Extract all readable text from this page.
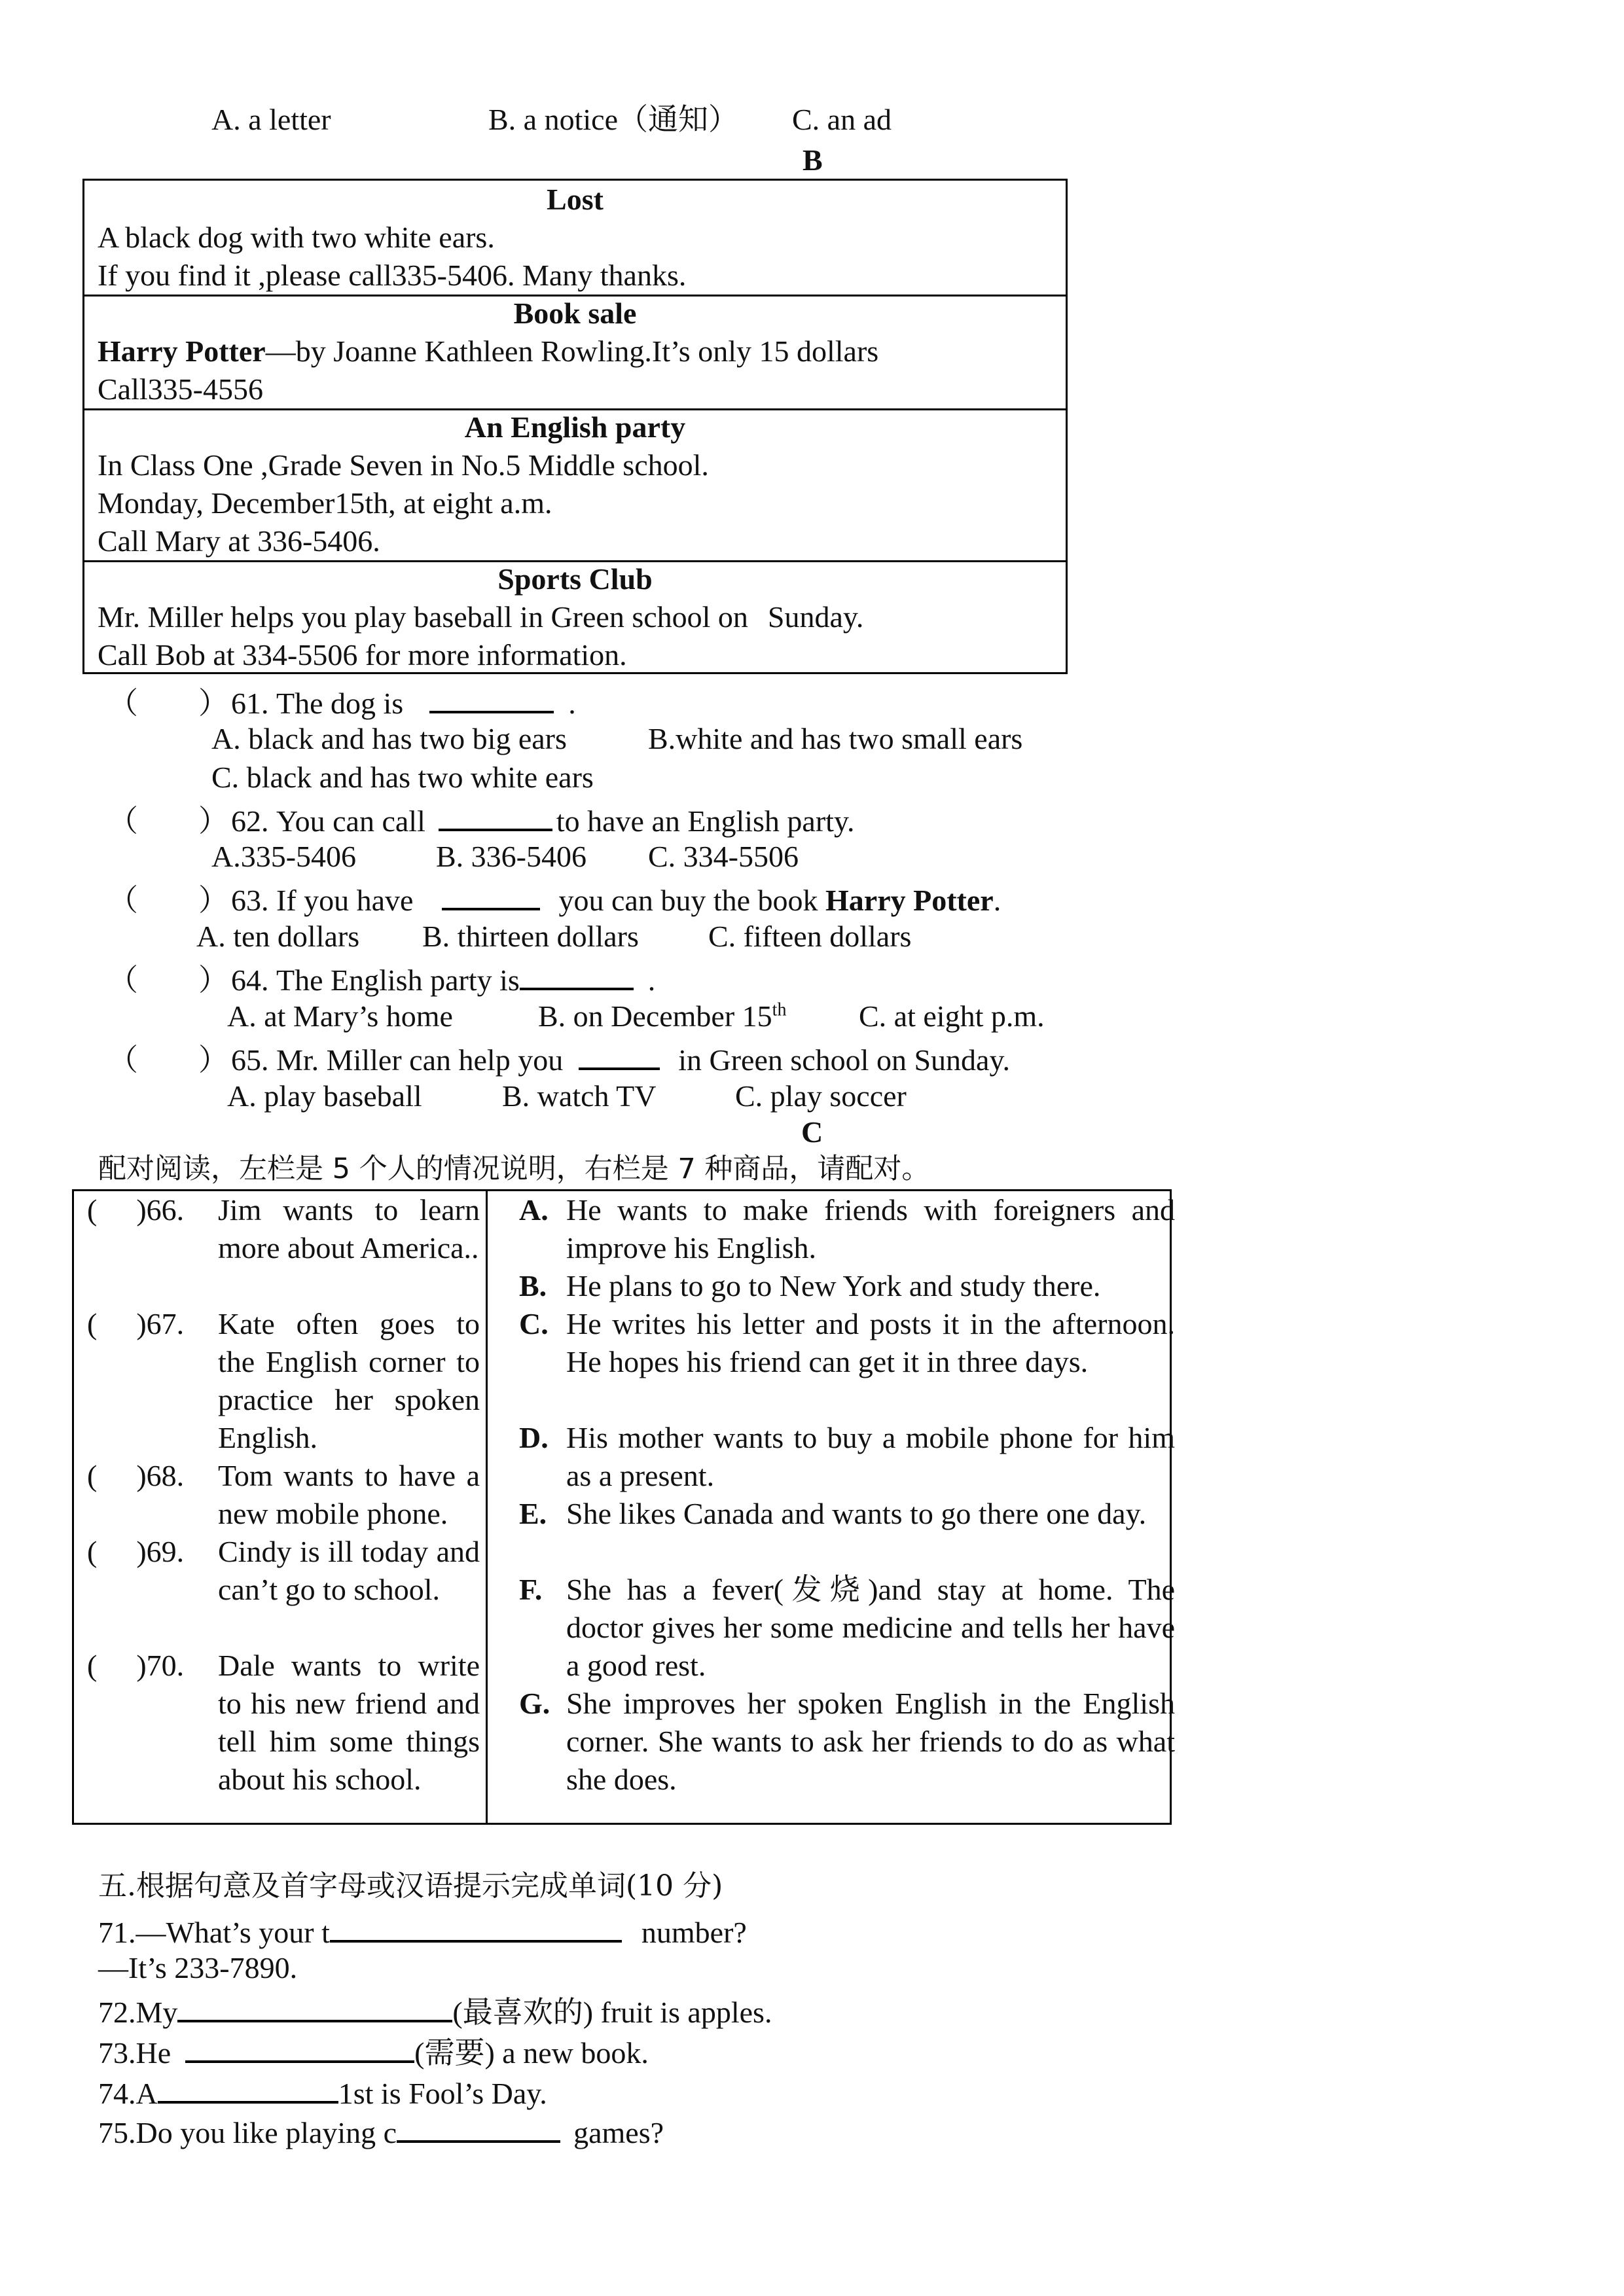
A. a letter	B. a notice（通知） C. an ad
B
Lost
A black dog with two white ears.
If you find it ,please call335-5406. Many thanks.
Book sale
Harry Potter—by Joanne Kathleen Rowling.It’s only 15 dollars
Call335-4556
An English party
In Class One ,Grade Seven in No.5 Middle school.
Monday, December15th, at eight a.m.
Call Mary at 336-5406.
Sports Club
Mr. Miller helps you play baseball in Green school on Sunday.
Call Bob at 334-5506 for more information.
（　　）61. The dog is	.
A. black and has two big ears	B.white and has two small ears
C. black and has two white ears
（　　）62. You can call	to have an English party.
A.335-5406	B. 336-5406 C. 334-5506
（　　）63. If you have	you can buy the book Harry Potter.
A. ten dollars B. thirteen dollars C. fifteen dollars
（　　）64. The English party is	.
A. at Mary’s home	B. on December 15th C. at eight p.m.
（　　）65. Mr. Miller can help you	in Green school on Sunday.
A. play baseball	B. watch TV	C. play soccer
C
配对阅读，左栏是 5 个人的情况说明，右栏是 7 种商品，请配对。
( )66. Jim wants to learn more about America..
( )67. Kate often goes to the English corner to practice her spoken English.
( )68. Tom wants to have a new mobile phone.
( )69. Cindy is ill today and can’t go to school.
( )70. Dale wants to write to his new friend and tell him some things about his school.
A. He wants to make friends with foreigners and improve his English.
B. He plans to go to New York and study there.
C. He writes his letter and posts it in the afternoon. He hopes his friend can get it in three days.
D. His mother wants to buy a mobile phone for him as a present.
E. She likes Canada and wants to go there one day.
F. She has a fever(发烧)and stay at home. The doctor gives her some medicine and tells her have a good rest.
G. She improves her spoken English in the English corner. She wants to ask her friends to do as what she does.
五.根据句意及首字母或汉语提示完成单词(10 分)
71.—What’s your t	number?
—It’s 233-7890.
72.My	(最喜欢的) fruit is apples.
73.He	(需要) a new book.
74.A	1st is Fool’s Day.
75.Do you like playing c	games?
